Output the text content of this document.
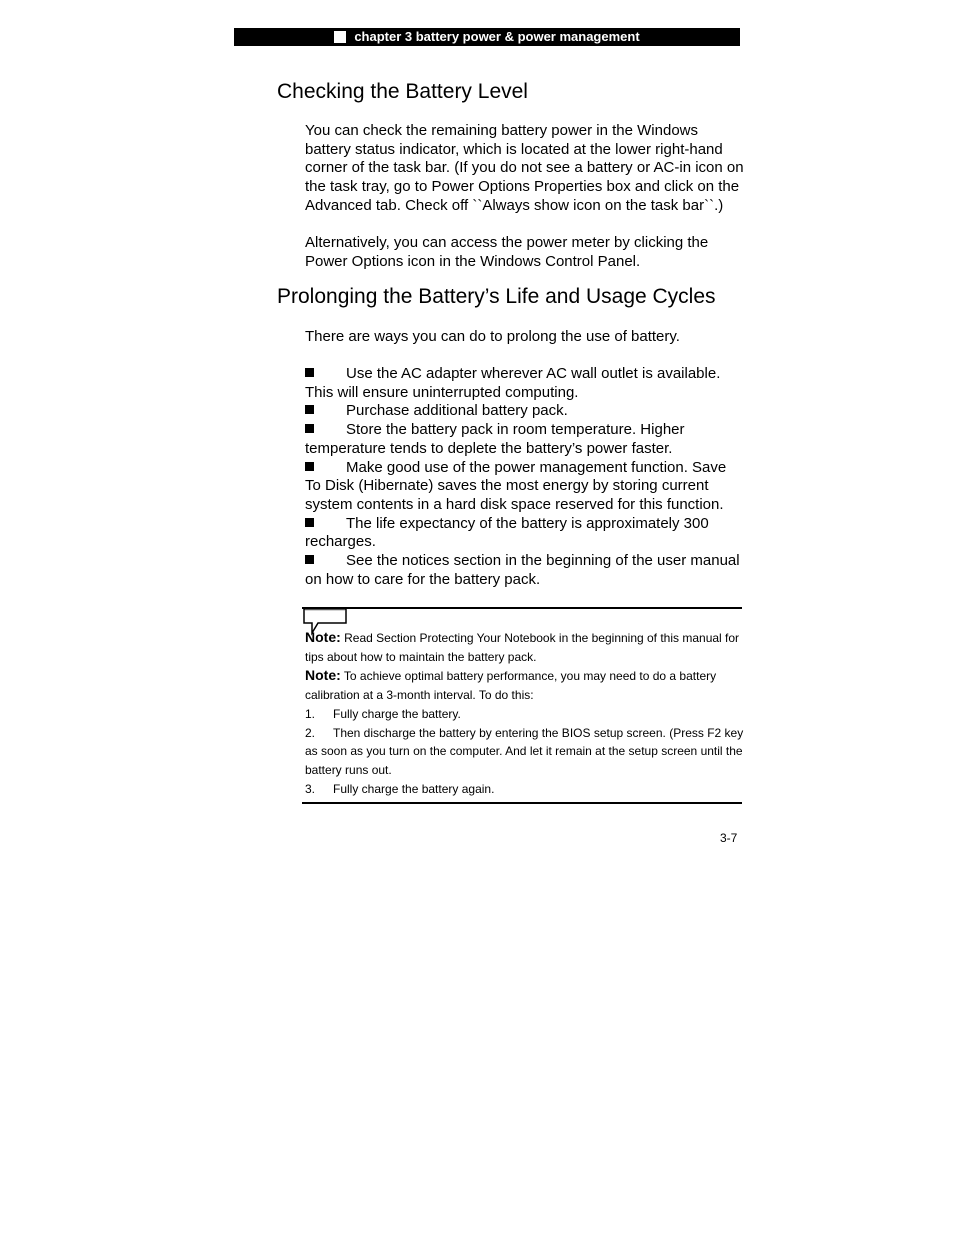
chapter 3 battery power & power management
Checking the Battery Level

You can check the remaining battery power in the Windows battery status indicator, which is located at the lower right-hand corner of the task bar. (If you do not see a battery or AC-in icon on the task tray, go to Power Options Properties box and click on the Advanced tab. Check off ``Always show icon on the task bar``.)

Alternatively, you can access the power meter by clicking the Power Options icon in the Windows Control Panel.

Prolonging the Battery’s Life and Usage Cycles

There are ways you can do to prolong the use of battery.

Use the AC adapter wherever AC wall outlet is available. This will ensure uninterrupted computing.
Purchase additional battery pack.
Store the battery pack in room temperature. Higher temperature tends to deplete the battery’s power faster.
Make good use of the power management function. Save To Disk (Hibernate) saves the most energy by storing current system contents in a hard disk space reserved for this function.
The life expectancy of the battery is approximately 300 recharges.
See the notices section in the beginning of the user manual on how to care for the battery pack.

Note: Read Section Protecting Your Notebook in the beginning of this manual for tips about how to maintain the battery pack.

Note: To achieve optimal battery performance, you may need to do a battery calibration at a 3-month interval. To do this:

1. Fully charge the battery.

2. Then discharge the battery by entering the BIOS setup screen. (Press F2 key as soon as you turn on the computer. And let it remain at the setup screen until the battery runs out.

3. Fully charge the battery again.

3-7
